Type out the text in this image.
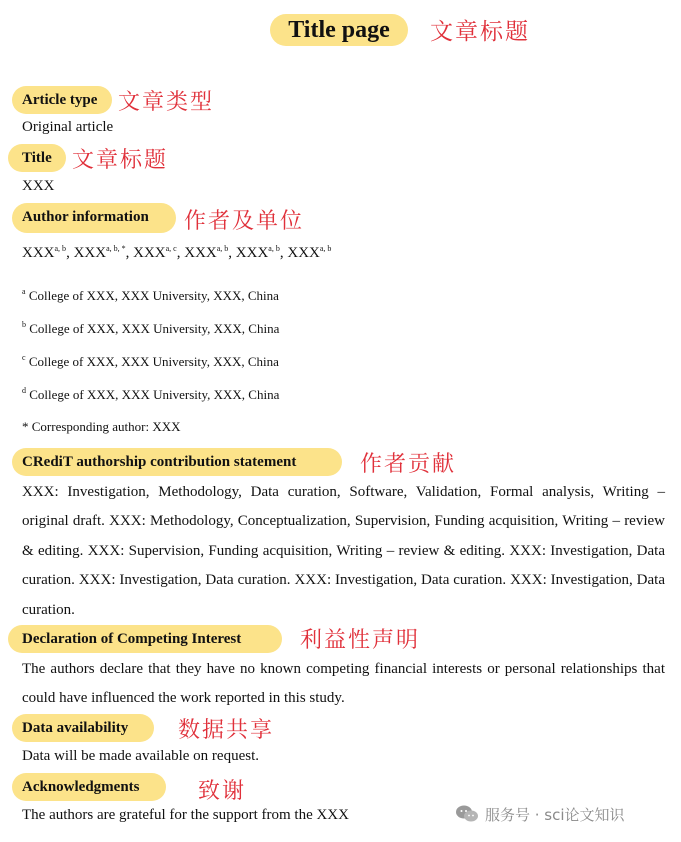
Title page	文章标题
Article type 文章类型
Original article
Title 文章标题
XXX
Author information	作者及单位
XXX$^{a, b}$, $XXX^{a, b, *}$, XXX$^{a, c}$, XXX$^{a, b}$, XXX$^{a, b}$, XXX$^{a, b}$
$^a$ College of XXX, XXX University, XXX, China
$^b$ College of XXX, XXX University, XXX, China
$^c$ College of XXX, XXX University, XXX, China
$^d$ College of XXX, XXX University, XXX, China
* Corresponding author: XXX
CRediT authorship contribution statement	作者贡献

XXX: Investigation, Methodology, Data curation, Software, Validation, Formal analysis, Writing – original draft. XXX: Methodology, Conceptualization, Supervision, Funding acquisition, Writing – review & editing. XXX: Supervision, Funding acquisition, Writing – review & editing. XXX: Investigation, Data curation. XXX: Investigation, Data curation. XXX: Investigation, Data curation. XXX: Investigation, Data curation.

Declaration of Competing Interest	利益性声明

The authors declare that they have no known competing financial interests or personal relationships that could have influenced the work reported in this study.

Data availability	数据共享
Data will be made available on request.
Acknowledgments	致谢
The authors are grateful for the support from the XXX	服务号 · sci论文知识
